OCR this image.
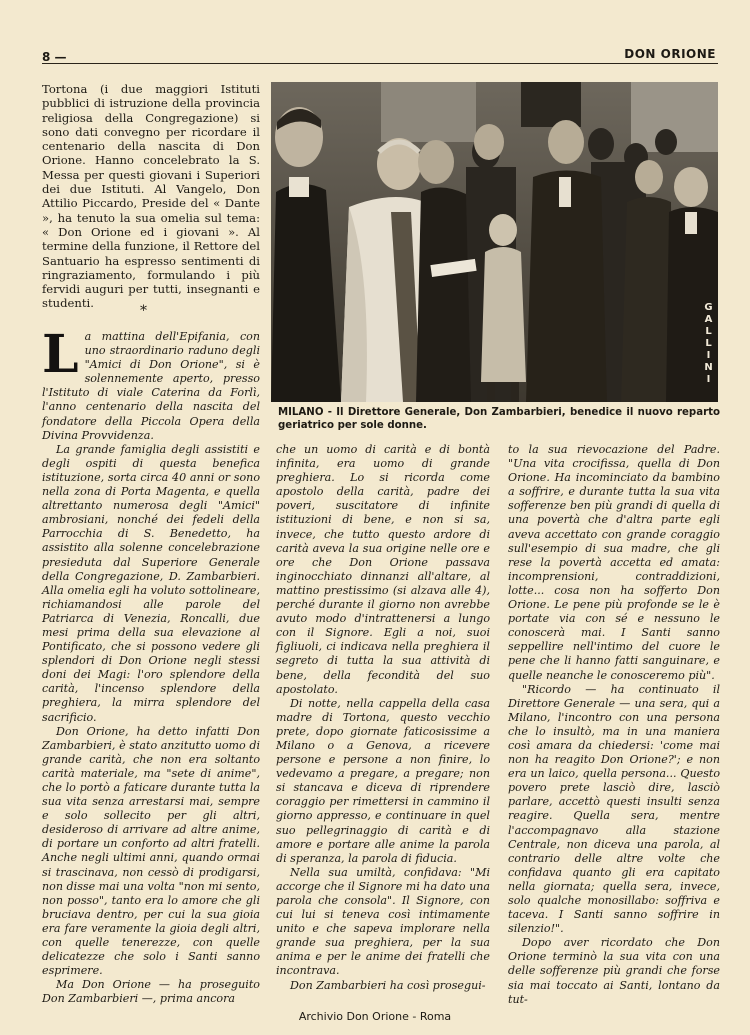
8 —	DON ORIONE

Tortona (i due maggiori Istituti pubblici di istruzione della provincia religiosa della Congregazione) si sono dati convegno per ricordare il centenario della nascita di Don Orione. Hanno concelebrato la S. Messa per questi giovani i Superiori dei due Istituti. Al Vangelo, Don Attilio Piccardo, Preside del « Dante », ha tenuto la sua omelia sul tema: « Don Orione ed i giovani ». Al termine della funzione, il Rettore del Santuario ha espresso sentimenti di ringraziamento, formulando i più fervidi auguri per tutti, insegnanti e studenti.	*	GALLINI
MILANO - Il Direttore Generale, Don Zambarbieri, benedice il nuovo reparto geriatrico per sole donne.

La mattina dell'Epifania, con uno straordinario raduno degli "Amici di Don Orione", si è solennemente aperto, presso l'Istituto di viale Caterina da Forlì, l'anno centenario della nascita del fondatore della Piccola Opera della Divina Provvidenza.

La grande famiglia degli assistiti e degli ospiti di questa benefica istituzione, sorta circa 40 anni or sono nella zona di Porta Magenta, e quella altrettanto numerosa degli "Amici" ambrosiani, nonché dei fedeli della Parrocchia di S. Benedetto, ha assistito alla solenne concelebrazione presieduta dal Superiore Generale della Congregazione, D. Zambarbieri. Alla omelia egli ha voluto sottolineare, richiamandosi alle parole del Patriarca di Venezia, Roncalli, due mesi prima della sua elevazione al Pontificato, che si possono vedere gli splendori di Don Orione negli stessi doni dei Magi: l'oro splendore della carità, l'incenso splendore della preghiera, la mirra splendore del sacrificio.

Don Orione, ha detto infatti Don Zambarbieri, è stato anzitutto uomo di grande carità, che non era soltanto carità materiale, ma "sete di anime", che lo portò a faticare durante tutta la sua vita senza arrestarsi mai, sempre e solo sollecito per gli altri, desideroso di arrivare ad altre anime, di portare un conforto ad altri fratelli. Anche negli ultimi anni, quando ormai si trascinava, non cessò di prodigarsi, non disse mai una volta "non mi sento, non posso", tanto era lo amore che gli bruciava dentro, per cui la sua gioia era fare veramente la gioia degli altri, con quelle tenerezze, con quelle delicatezze che solo i Santi sanno esprimere.

Ma Don Orione — ha proseguito Don Zambarbieri —, prima ancora

che un uomo di carità e di bontà infinita, era uomo di grande preghiera. Lo si ricorda come apostolo della carità, padre dei poveri, suscitatore di infinite istituzioni di bene, e non si sa, invece, che tutto questo ardore di carità aveva la sua origine nelle ore e ore che Don Orione passava inginocchiato dinnanzi all'altare, al mattino prestissimo (si alzava alle 4), perché durante il giorno non avrebbe avuto modo d'intrattenersi a lungo con il Signore. Egli a noi, suoi figliuoli, ci indicava nella preghiera il segreto di tutta la sua attività di bene, della fecondità del suo apostolato.

Di notte, nella cappella della casa madre di Tortona, questo vecchio prete, dopo giornate faticosissime a Milano o a Genova, a ricevere persone e persone a non finire, lo vedevamo a pregare, a pregare; non si stancava e diceva di riprendere coraggio per rimettersi in cammino il giorno appresso, e continuare in quel suo pellegrinaggio di carità e di amore e portare alle anime la parola di speranza, la parola di fiducia.

Nella sua umiltà, confidava: "Mi accorge che il Signore mi ha dato una parola che consola". Il Signore, con cui lui si teneva così intimamente unito e che sapeva implorare nella grande sua preghiera, per la sua anima e per le anime dei fratelli che incontrava.

Don Zambarbieri ha così prosegui-

to la sua rievocazione del Padre. "Una vita crocifissa, quella di Don Orione. Ha incominciato da bambino a soffrire, e durante tutta la sua vita sofferenze ben più grandi di quella di una povertà che d'altra parte egli aveva accettato con grande coraggio sull'esempio di sua madre, che gli rese la povertà accetta ed amata: incomprensioni, contraddizioni, lotte... cosa non ha sofferto Don Orione. Le pene più profonde se le è portate via con sé e nessuno le conoscerà mai. I Santi sanno seppellire nell'intimo del cuore le pene che li hanno fatti sanguinare, e quelle neanche le conosceremo più".

"Ricordo — ha continuato il Direttore Generale — una sera, qui a Milano, l'incontro con una persona che lo insultò, ma in una maniera così amara da chiedersi: 'come mai non ha reagito Don Orione?'; e non era un laico, quella persona... Questo povero prete lasciò dire, lasciò parlare, accettò questi insulti senza reagire. Quella sera, mentre l'accompagnavo alla stazione Centrale, non diceva una parola, al contrario delle altre volte che confidava quanto gli era capitato nella giornata; quella sera, invece, solo qualche monosillabo: soffriva e taceva. I Santi sanno soffrire in silenzio!".

Dopo aver ricordato che Don Orione terminò la sua vita con una delle sofferenze più grandi che forse sia mai toccato ai Santi, lontano da tut-

Archivio Don Orione - Roma
